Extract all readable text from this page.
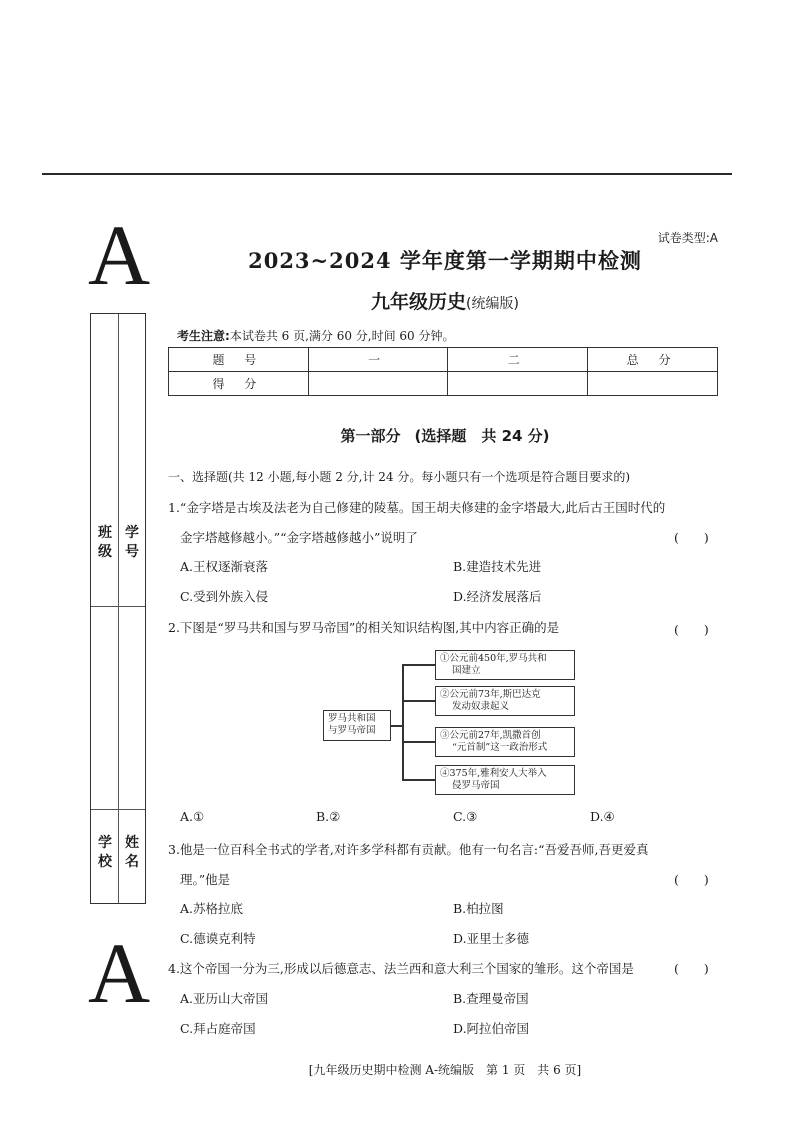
A
A
班 级
学 号
学 校
姓 名
试卷类型:A
2023~2024 学年度第一学期期中检测
九年级历史(统编版)
考生注意:本试卷共 6 页,满分 60 分,时间 60 分钟。
题 号	一	二	总 分
得 分			
第一部分 (选择题　共 24 分)
一、选择题(共 12 小题,每小题 2 分,计 24 分。每小题只有一个选项是符合题目要求的)
1.“金字塔是古埃及法老为自己修建的陵墓。国王胡夫修建的金字塔最大,此后古王国时代的
金字塔越修越小。”“金字塔越修越小”说明了	(　　)
A.王权逐渐衰落	B.建造技术先进
C.受到外族入侵	D.经济发展落后
2.下图是“罗马共和国与罗马帝国”的相关知识结构图,其中内容正确的是	(　　)
罗马共和国
与罗马帝国
①公元前450年,罗马共和
国建立
②公元前73年,斯巴达克
发动奴隶起义
③公元前27年,凯撒首创
“元首制”这一政治形式
④375年,雅利安人大举入
侵罗马帝国
A.①	B.②	C.③	D.④
3.他是一位百科全书式的学者,对许多学科都有贡献。他有一句名言:“吾爱吾师,吾更爱真
理。”他是	(　　)
A.苏格拉底	B.柏拉图
C.德谟克利特	D.亚里士多德
4.这个帝国一分为三,形成以后德意志、法兰西和意大利三个国家的雏形。这个帝国是	(　　)
A.亚历山大帝国	B.查理曼帝国
C.拜占庭帝国	D.阿拉伯帝国
[九年级历史期中检测 A-统编版　第 1 页　共 6 页]
